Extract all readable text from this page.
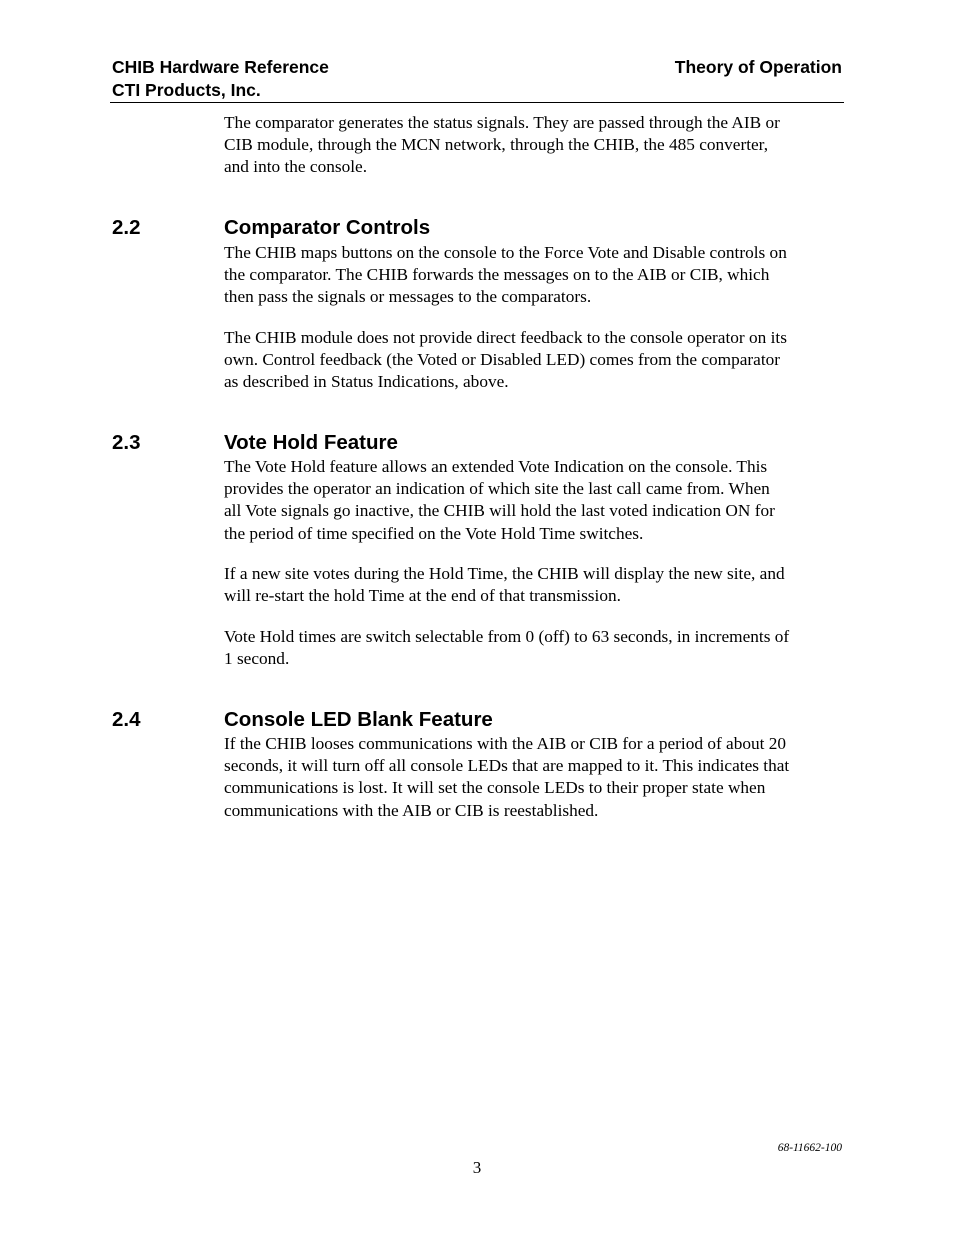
CHIB Hardware Reference
CTI Products, Inc.
Theory of Operation

The comparator generates the status signals. They are passed through the AIB or
CIB module, through the MCN network, through the CHIB, the 485 converter,
and into the console.

2.2	Comparator Controls

The CHIB maps buttons on the console to the Force Vote and Disable controls on
the comparator. The CHIB forwards the messages on to the AIB or CIB, which
then pass the signals or messages to the comparators.

The CHIB module does not provide direct feedback to the console operator on its
own. Control feedback (the Voted or Disabled LED) comes from the comparator
as described in Status Indications, above.

2.3	Vote Hold Feature

The Vote Hold feature allows an extended Vote Indication on the console. This
provides the operator an indication of which site the last call came from. When
all Vote signals go inactive, the CHIB will hold the last voted indication ON for
the period of time specified on the Vote Hold Time switches.

If a new site votes during the Hold Time, the CHIB will display the new site, and
will re-start the hold Time at the end of that transmission.

Vote Hold times are switch selectable from 0 (off) to 63 seconds, in increments of
1 second.

2.4	Console LED Blank Feature

If the CHIB looses communications with the AIB or CIB for a period of about 20
seconds, it will turn off all console LEDs that are mapped to it. This indicates that
communications is lost. It will set the console LEDs to their proper state when
communications with the AIB or CIB is reestablished.

68-11662-100
3
